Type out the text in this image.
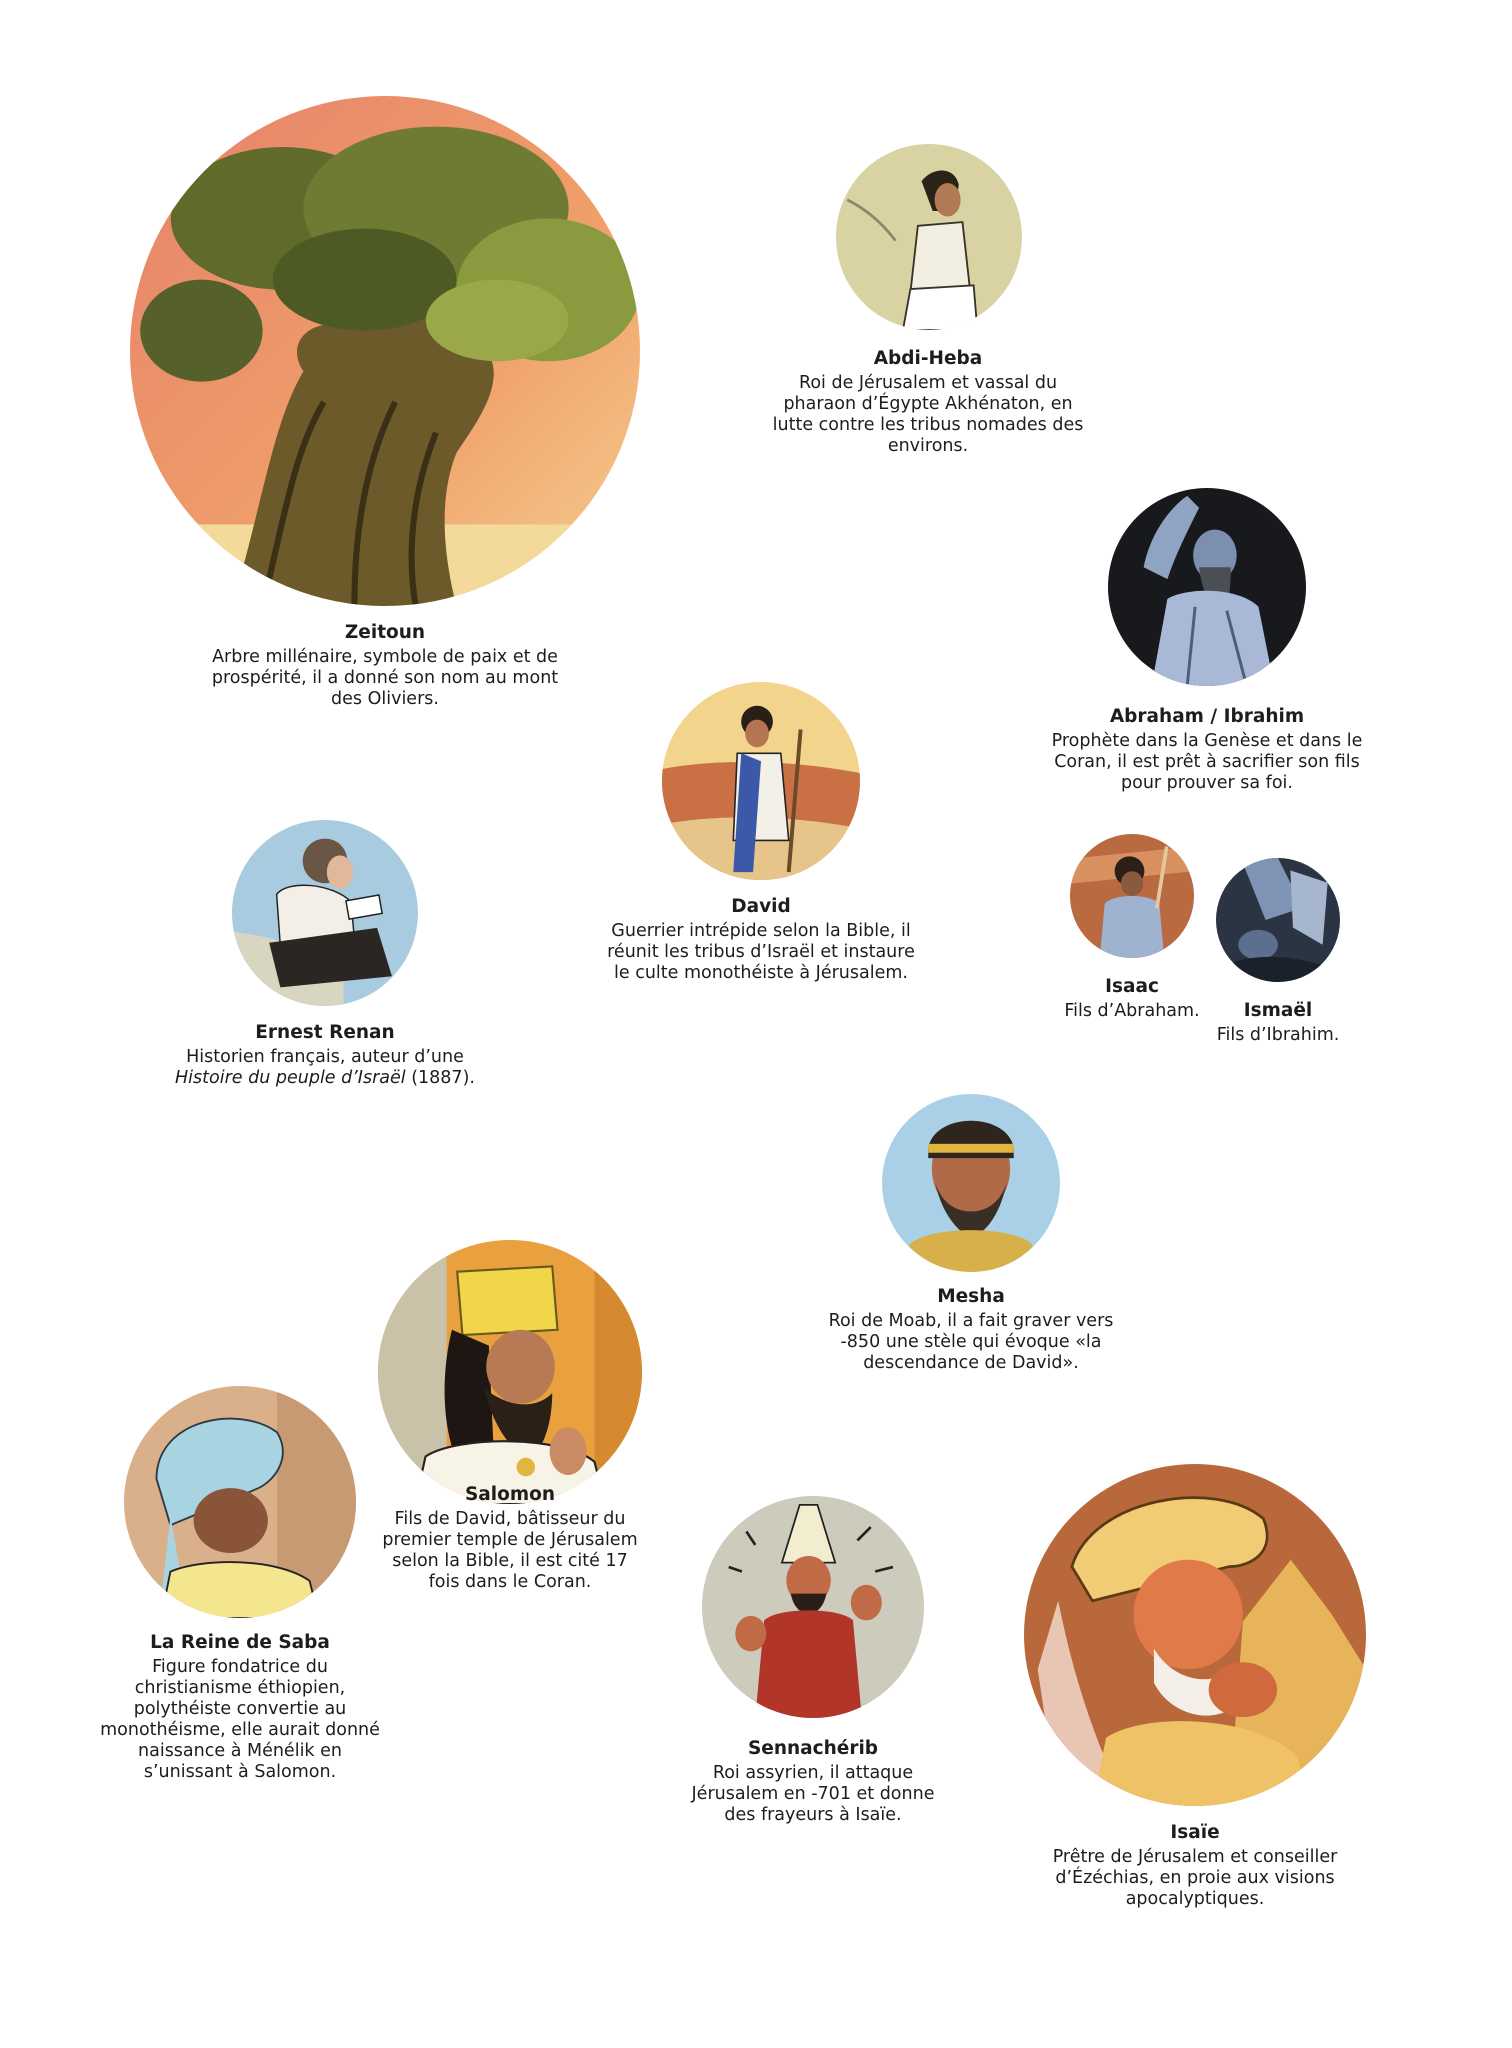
Zeitoun
Arbre millénaire, symbole de paix et de prospérité, il a donné son nom au mont des Oliviers.
Abdi-Heba
Roi de Jérusalem et vassal du pharaon d’Égypte Akhénaton, en lutte contre les tribus nomades des environs.
Abraham / Ibrahim
Prophète dans la Genèse et dans le Coran, il est prêt à sacrifier son fils pour prouver sa foi.
David
Guerrier intrépide selon la Bible, il réunit les tribus d’Israël et instaure le culte monothéiste à Jérusalem.
Ernest Renan
Historien français, auteur d’une Histoire du peuple d’Israël (1887).
Isaac
Fils d’Abraham.	Ismaël
Fils d’Ibrahim.
Mesha
Roi de Moab, il a fait graver vers -850 une stèle qui évoque «la descendance de David».
Salomon
Fils de David, bâtisseur du premier temple de Jérusalem selon la Bible, il est cité 17 fois dans le Coran.
La Reine de Saba
Figure fondatrice du christianisme éthiopien, polythéiste convertie au monothéisme, elle aurait donné naissance à Ménélik en s’unissant à Salomon.
Sennachérib
Roi assyrien, il attaque Jérusalem en -701 et donne des frayeurs à Isaïe.
Isaïe
Prêtre de Jérusalem et conseiller d’Ézéchias, en proie aux visions apocalyptiques.
